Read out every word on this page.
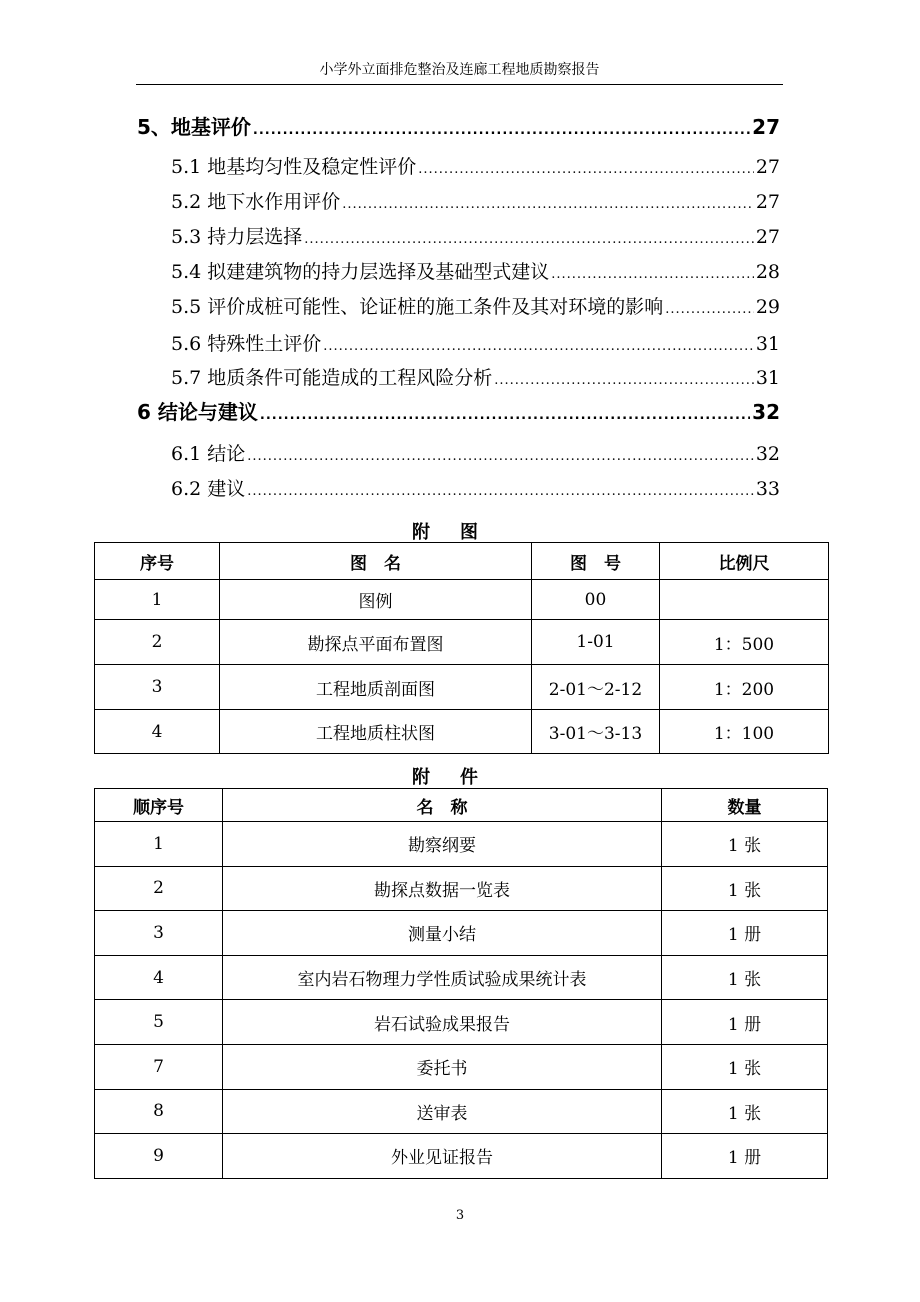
小学外立面排危整治及连廊工程地质勘察报告
5、地基评价 .....	27
5.1 地基均匀性及稳定性评价 .....	27
5.2 地下水作用评价 .....	27
5.3 持力层选择 .....	27
5.4 拟建建筑物的持力层选择及基础型式建议 .....	28
5.5 评价成桩可能性、论证桩的施工条件及其对环境的影响 .....	29
5.6 特殊性土评价 .....	31
5.7 地质条件可能造成的工程风险分析 .....	31
6 结论与建议 .....	32
6.1 结论 .....	32
6.2 建议 .....	33
附图
序号	图　名	图　号	比例尺
1	图例	00	
2	勘探点平面布置图	1-01	1：500
3	工程地质剖面图	2-01～2-12	1：200
4	工程地质柱状图	3-01～3-13	1：100
附件
顺序号	名　称	数量
1	勘察纲要	1 张
2	勘探点数据一览表	1 张
3	测量小结	1 册
4	室内岩石物理力学性质试验成果统计表	1 张
5	岩石试验成果报告	1 册
7	委托书	1 张
8	送审表	1 张
9	外业见证报告	1 册
3
